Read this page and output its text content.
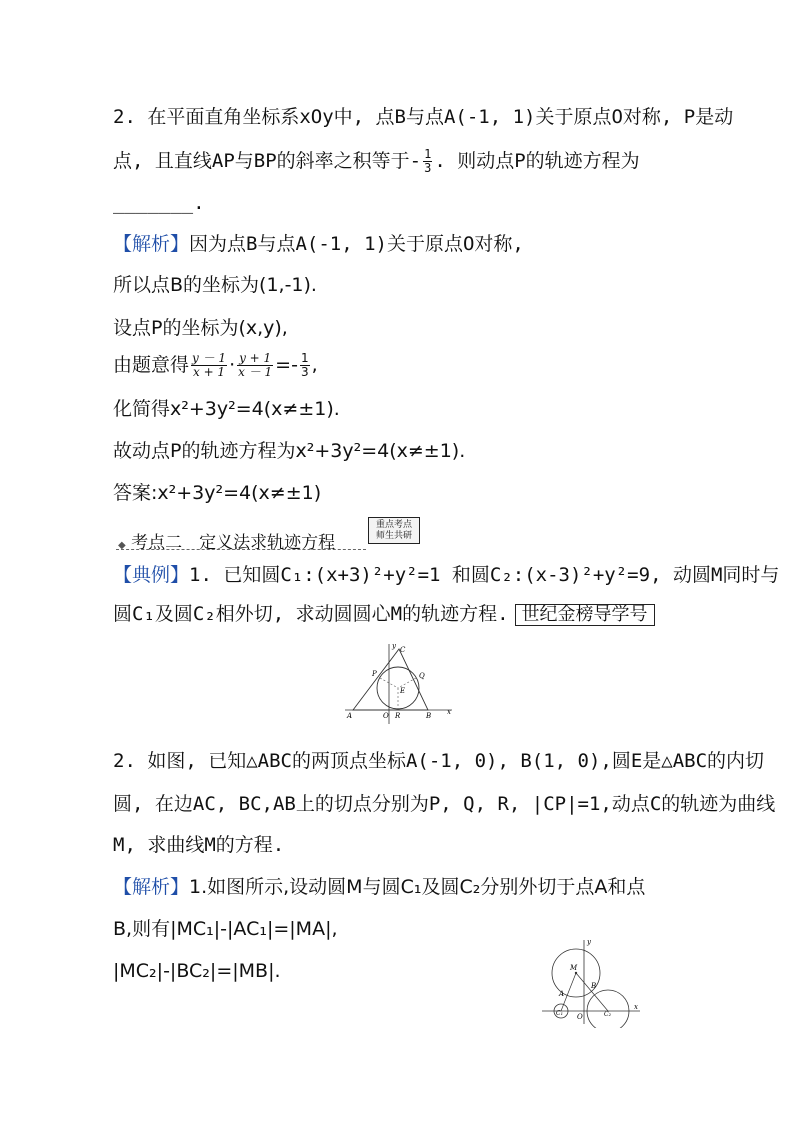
2. 在平面直角坐标系xOy中, 点B与点A(-1, 1)关于原点O对称, P是动
点, 且直线AP与BP的斜率之积等于- $\frac{1}{3}$ . 则动点P的轨迹方程为
_______.
【解析】因为点B与点A(-1, 1)关于原点O对称,
所以点B的坐标为(1,-1).
设点P的坐标为(x,y),
由题意得 $\frac{y - 1}{x + 1} \cdot \frac{y + 1}{x - 1} =- \frac{1}{3}$ ,
化简得x²+3y²=4(x≠±1).
故动点P的轨迹方程为x²+3y²=4(x≠±1).
答案:x²+3y²=4(x≠±1)
◆ 考点二　定义法求轨迹方程
重点考点
师生共研
【典例】1. 已知圆C₁:(x+3)²+y²=1 和圆C₂:(x-3)²+y²=9, 动圆M同时与
圆C₁及圆C₂相外切, 求动圆圆心M的轨迹方程. 世纪金榜导学号
y C
P	Q
E
A	O R	B x
2. 如图, 已知△ABC的两顶点坐标A(-1, 0), B(1, 0),圆E是△ABC的内切
圆, 在边AC, BC,AB上的切点分别为P, Q, R, |CP|=1,动点C的轨迹为曲线
M, 求曲线M的方程.
【解析】1.如图所示,设动圆M与圆C₁及圆C₂分别外切于点A和点
B,则有|MC₁|-|AC₁|=|MA|,
|MC₂|-|BC₂|=|MB|.
y
M
A
B
C₁ O	C₂
x
